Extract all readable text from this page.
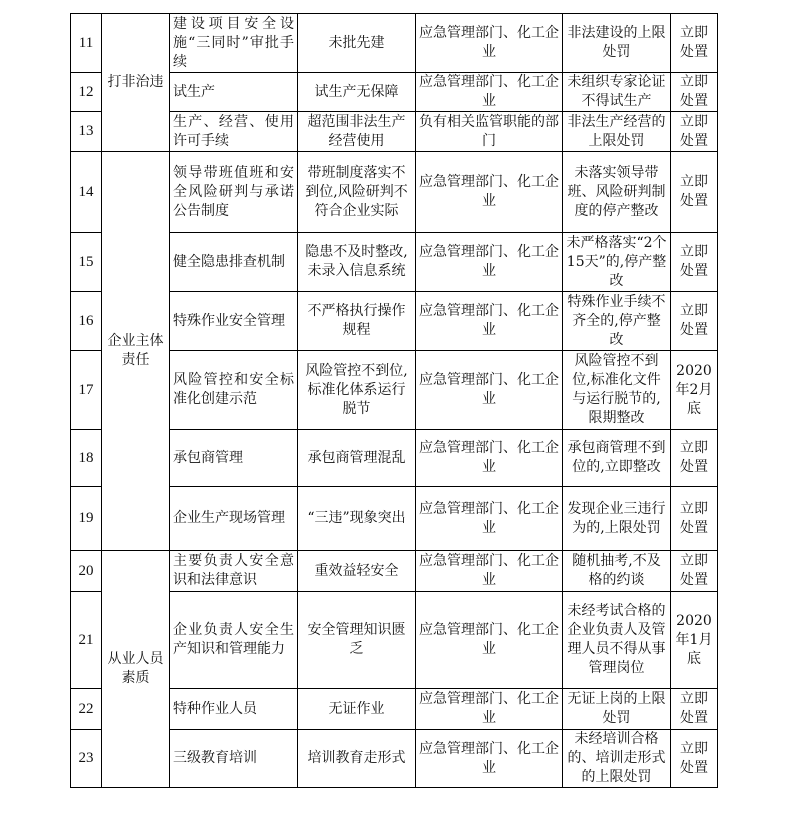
11	打非治违	建设项目安全设施“三同时”审批手续	未批先建	应急管理部门、化工企业	非法建设的上限处罚	立即处置
12		试生产	试生产无保障	应急管理部门、化工企业	未组织专家论证不得试生产	立即处置
13		生产、经营、使用许可手续	超范围非法生产经营使用	负有相关监管职能的部门	非法生产经营的上限处罚	立即处置
14	企业主体责任	领导带班值班和安全风险研判与承诺公告制度	带班制度落实不到位,风险研判不符合企业实际	应急管理部门、化工企业	未落实领导带班、风险研判制度的停产整改	立即处置
15		健全隐患排查机制	隐患不及时整改,未录入信息系统	应急管理部门、化工企业	未严格落实“2个15天”的,停产整改	立即处置
16		特殊作业安全管理	不严格执行操作规程	应急管理部门、化工企业	特殊作业手续不齐全的,停产整改	立即处置
17		风险管控和安全标准化创建示范	风险管控不到位,标准化体系运行脱节	应急管理部门、化工企业	风险管控不到位,标准化文件与运行脱节的,限期整改	2020年2月底
18		承包商管理	承包商管理混乱	应急管理部门、化工企业	承包商管理不到位的,立即整改	立即处置
19		企业生产现场管理	“三违”现象突出	应急管理部门、化工企业	发现企业三违行为的,上限处罚	立即处置
20	从业人员素质	主要负责人安全意识和法律意识	重效益轻安全	应急管理部门、化工企业	随机抽考,不及格的约谈	立即处置
21		企业负责人安全生产知识和管理能力	安全管理知识匮乏	应急管理部门、化工企业	未经考试合格的企业负责人及管理人员不得从事管理岗位	2020年1月底
22		特种作业人员	无证作业	应急管理部门、化工企业	无证上岗的上限处罚	立即处置
23		三级教育培训	培训教育走形式	应急管理部门、化工企业	未经培训合格的、培训走形式的上限处罚	立即处置
